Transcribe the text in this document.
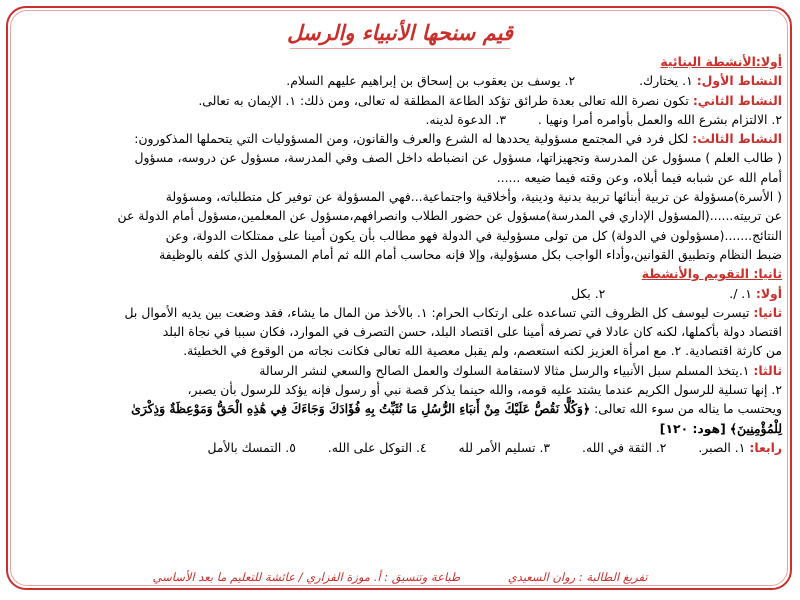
قيم سنحها الأنبياء والرسل

أولا:الأنشطة البنائية

النشاط الأول: ١. يختارك. ٢. يوسف بن يعقوب بن إسحاق بن إبراهيم عليهم السلام.

النشاط الثاني: تكون نصرة الله تعالى بعدة طرائق تؤكد الطاعة المطلقة له تعالى، ومن ذلك: ١. الإيمان به تعالى.

٢. الالتزام بشرع الله والعمل بأوامره أمرا ونهيا . ٣. الدعوة لدينه.

النشاط الثالث: لكل فرد في المجتمع مسؤولية يحددها له الشرع والعرف والقانون، ومن المسؤوليات التي يتحملها المذكورون:

( طالب العلم ) مسؤول عن المدرسة وتجهيزاتها، مسؤول عن انضباطه داخل الصف وفي المدرسة، مسؤول عن دروسه، مسؤول

أمام الله عن شبابه فيما أبلاه، وعن وقته فيما ضيعه ......

( الأسرة)مسؤولة عن تربية أبنائها تربية بدنية ودينية، وأخلاقية واجتماعية...فهي المسؤولة عن توفير كل متطلباته، ومسؤولة

عن تربيته......(المسؤول الإداري في المدرسة)مسؤول عن حضور الطلاب وانصرافهم،مسؤول عن المعلمين،مسؤول أمام الدولة عن

النتائج.......(مسؤولون في الدولة) كل من تولى مسؤولية في الدولة فهو مطالب بأن يكون أمينا على ممتلكات الدولة، وعن

ضبط النظام وتطبيق القوانين،وأداء الواجب بكل مسؤولية، وإلا فإنه محاسب أمام الله ثم أمام المسؤول الذي كلفه بالوظيفة

ثانيا: التقويم والأنشطة

أولا: ١. /. ٢. بكل

ثانيا: تيسرت ليوسف كل الظروف التي تساعده على ارتكاب الحرام: ١. بالأخذ من المال ما يشاء، فقد وضعت بين يديه الأموال بل

اقتصاد دولة بأكملها، لكنه كان عادلا في تصرفه أمينا على اقتصاد البلد، حسن التصرف في الموارد، فكان سببا في نجاة البلد

من كارثة اقتصادية. ٢. مع امرأة العزيز لكنه استعصم، ولم يقبل معصية الله تعالى فكانت نجاته من الوقوع في الخطيئة.

ثالثا: ١.يتخذ المسلم سبل الأنبياء والرسل مثالا لاستقامة السلوك والعمل الصالح والسعي لنشر الرسالة

٢. إنها تسلية للرسول الكريم عندما يشتد عليه قومه، والله حينما يذكر قصة نبي أو رسول فإنه يؤكد للرسول بأن يصبر،

ويحتسب ما يناله من سوء الله تعالى: ﴿وَكُلًّا نَقُصُّ عَلَيْكَ مِنْ أَنبَاءِ الرُّسُلِ مَا نُثَبِّتُ بِهِ فُؤَادَكَ وَجَاءَكَ فِي هَٰذِهِ الْحَقُّ وَمَوْعِظَةٌ وَذِكْرَىٰ

لِلْمُؤْمِنِينَ﴾ [هود: ١٢٠]

رابعا: ١. الصبر. ٢. الثقة في الله. ٣. تسليم الأمر لله ٤. التوكل على الله. ٥. التمسك بالأمل

تفريغ الطالبة : روان السعيدي طباعة وتنسيق : أ. موزة الفزاري / عائشة للتعليم ما بعد الأساسي
